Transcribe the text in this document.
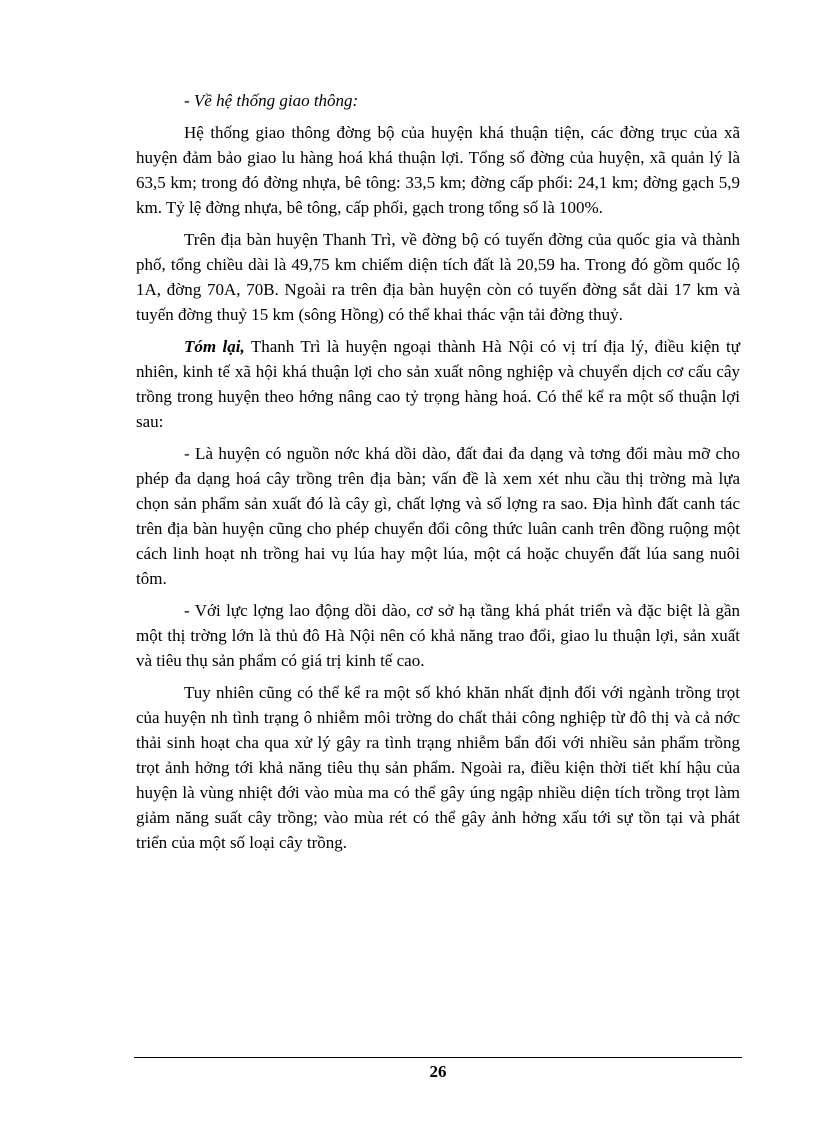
- Về hệ thống giao thông:

Hệ thống giao thông đờng bộ của huyện khá thuận tiện, các đờng trục của xã huyện đảm bảo giao lu hàng hoá khá thuận lợi. Tổng số đờng của huyện, xã quản lý là 63,5 km; trong đó đờng nhựa, bê tông: 33,5 km; đờng cấp phối: 24,1 km; đờng gạch 5,9 km. Tỷ lệ đờng nhựa, bê tông, cấp phối, gạch trong tổng số là 100%.

Trên địa bàn huyện Thanh Trì, về đờng bộ có tuyến đờng của quốc gia và thành phố, tổng chiều dài là 49,75 km chiếm diện tích đất là 20,59 ha. Trong đó gồm quốc lộ 1A, đờng 70A, 70B. Ngoài ra trên địa bàn huyện còn có tuyến đờng sắt dài 17 km và tuyến đờng thuỷ 15 km (sông Hồng) có thể khai thác vận tải đờng thuỷ.

Tóm lại, Thanh Trì là huyện ngoại thành Hà Nội có vị trí địa lý, điều kiện tự nhiên, kinh tế xã hội khá thuận lợi cho sản xuất nông nghiệp và chuyển dịch cơ cấu cây trồng trong huyện theo hớng nâng cao tỷ trọng hàng hoá. Có thể kể ra một số thuận lợi sau:

- Là huyện có nguồn nớc khá dồi dào, đất đai đa dạng và tơng đối màu mỡ cho phép đa dạng hoá cây trồng trên địa bàn; vấn đề là xem xét nhu cầu thị trờng mà lựa chọn sản phẩm sản xuất đó là cây gì, chất lợng và số lợng ra sao. Địa hình đất canh tác trên địa bàn huyện cũng cho phép chuyển đổi công thức luân canh trên đồng ruộng một cách linh hoạt nh trồng hai vụ lúa hay một lúa, một cá hoặc chuyển đất lúa sang nuôi tôm.

- Với lực lợng lao động dồi dào, cơ sở hạ tầng khá phát triển và đặc biệt là gần một thị trờng lớn là thủ đô Hà Nội nên có khả năng trao đổi, giao lu thuận lợi, sản xuất và tiêu thụ sản phẩm có giá trị kinh tế cao.

Tuy nhiên cũng có thể kể ra một số khó khăn nhất định đối với ngành trồng trọt của huyện nh tình trạng ô nhiễm môi trờng do chất thải công nghiệp từ đô thị và cả nớc thải sinh hoạt cha qua xử lý gây ra tình trạng nhiễm bẩn đối với nhiều sản phẩm trồng trọt ảnh hởng tới khả năng tiêu thụ sản phẩm. Ngoài ra, điều kiện thời tiết khí hậu của huyện là vùng nhiệt đới vào mùa ma có thể gây úng ngập nhiều diện tích trồng trọt làm giảm năng suất cây trồng; vào mùa rét có thể gây ảnh hởng xấu tới sự tồn tại và phát triển của một số loại cây trồng.

26
